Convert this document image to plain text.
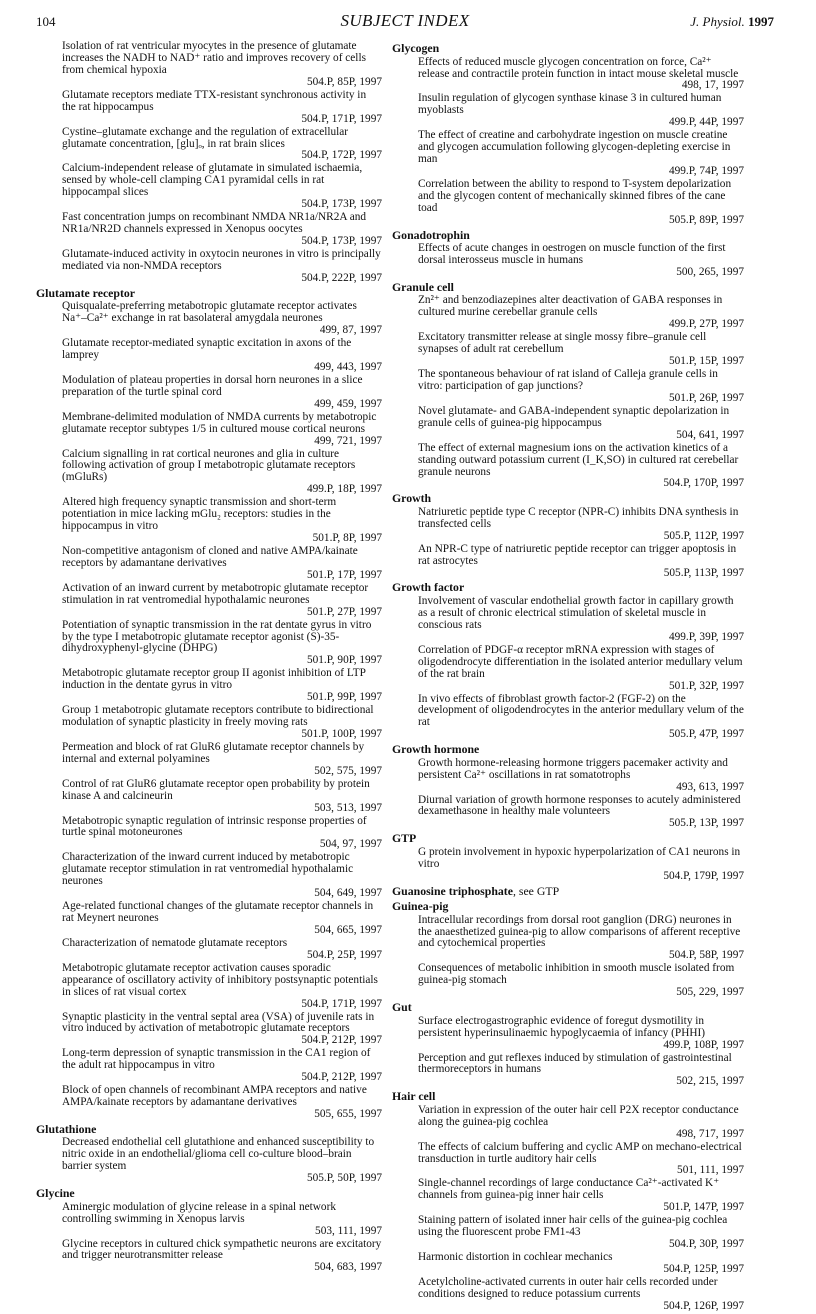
104	SUBJECT INDEX	J. Physiol. 1997
Isolation of rat ventricular myocytes in the presence of glutamate increases the NADH to NAD⁺ ratio and improves recovery of cells from chemical hypoxia
504.P, 85P, 1997
Glutamate receptors mediate TTX-resistant synchronous activity in the rat hippocampus
504.P, 171P, 1997
Cystine–glutamate exchange and the regulation of extracellular glutamate concentration, [glu]ₒ, in rat brain slices
504.P, 172P, 1997
Calcium-independent release of glutamate in simulated ischaemia, sensed by whole-cell clamping CA1 pyramidal cells in rat hippocampal slices
504.P, 173P, 1997
Fast concentration jumps on recombinant NMDA NR1a/NR2A and NR1a/NR2D channels expressed in Xenopus oocytes
504.P, 173P, 1997
Glutamate-induced activity in oxytocin neurones in vitro is principally mediated via non-NMDA receptors
504.P, 222P, 1997
Glutamate receptor
Quisqualate-preferring metabotropic glutamate receptor activates Na⁺–Ca²⁺ exchange in rat basolateral amygdala neurones
499, 87, 1997
Glutamate receptor-mediated synaptic excitation in axons of the lamprey
499, 443, 1997
Modulation of plateau properties in dorsal horn neurones in a slice preparation of the turtle spinal cord
499, 459, 1997
Membrane-delimited modulation of NMDA currents by metabotropic glutamate receptor subtypes 1/5 in cultured mouse cortical neurons
499, 721, 1997
Calcium signalling in rat cortical neurones and glia in culture following activation of group I metabotropic glutamate receptors (mGluRs)
499.P, 18P, 1997
Altered high frequency synaptic transmission and short-term potentiation in mice lacking mGlu₂ receptors: studies in the hippocampus in vitro
501.P, 8P, 1997
Non-competitive antagonism of cloned and native AMPA/kainate receptors by adamantane derivatives
501.P, 17P, 1997
Activation of an inward current by metabotropic glutamate receptor stimulation in rat ventromedial hypothalamic neurones
501.P, 27P, 1997
Potentiation of synaptic transmission in the rat dentate gyrus in vitro by the type I metabotropic glutamate receptor agonist (S)-35-dihydroxyphenyl-glycine (DHPG)
501.P, 90P, 1997
Metabotropic glutamate receptor group II agonist inhibition of LTP induction in the dentate gyrus in vitro
501.P, 99P, 1997
Group 1 metabotropic glutamate receptors contribute to bidirectional modulation of synaptic plasticity in freely moving rats
501.P, 100P, 1997
Permeation and block of rat GluR6 glutamate receptor channels by internal and external polyamines
502, 575, 1997
Control of rat GluR6 glutamate receptor open probability by protein kinase A and calcineurin
503, 513, 1997
Metabotropic synaptic regulation of intrinsic response properties of turtle spinal motoneurones
504, 97, 1997
Characterization of the inward current induced by metabotropic glutamate receptor stimulation in rat ventromedial hypothalamic neurones
504, 649, 1997
Age-related functional changes of the glutamate receptor channels in rat Meynert neurones
504, 665, 1997
Characterization of nematode glutamate receptors
504.P, 25P, 1997
Metabotropic glutamate receptor activation causes sporadic appearance of oscillatory activity of inhibitory postsynaptic potentials in slices of rat visual cortex
504.P, 171P, 1997
Synaptic plasticity in the ventral septal area (VSA) of juvenile rats in vitro induced by activation of metabotropic glutamate receptors
504.P, 212P, 1997
Long-term depression of synaptic transmission in the CA1 region of the adult rat hippocampus in vitro
504.P, 212P, 1997
Block of open channels of recombinant AMPA receptors and native AMPA/kainate receptors by adamantane derivatives
505, 655, 1997
Glutathione
Decreased endothelial cell glutathione and enhanced susceptibility to nitric oxide in an endothelial/glioma cell co-culture blood–brain barrier system
505.P, 50P, 1997
Glycine
Aminergic modulation of glycine release in a spinal network controlling swimming in Xenopus larvis
503, 111, 1997
Glycine receptors in cultured chick sympathetic neurons are excitatory and trigger neurotransmitter release
504, 683, 1997
Glycogen
Effects of reduced muscle glycogen concentration on force, Ca²⁺ release and contractile protein function in intact mouse skeletal muscle
498, 17, 1997
Insulin regulation of glycogen synthase kinase 3 in cultured human myoblasts
499.P, 44P, 1997
The effect of creatine and carbohydrate ingestion on muscle creatine and glycogen accumulation following glycogen-depleting exercise in man
499.P, 74P, 1997
Correlation between the ability to respond to T-system depolarization and the glycogen content of mechanically skinned fibres of the cane toad
505.P, 89P, 1997
Gonadotrophin
Effects of acute changes in oestrogen on muscle function of the first dorsal interosseus muscle in humans
500, 265, 1997
Granule cell
Zn²⁺ and benzodiazepines alter deactivation of GABA responses in cultured murine cerebellar granule cells
499.P, 27P, 1997
Excitatory transmitter release at single mossy fibre–granule cell synapses of adult rat cerebellum
501.P, 15P, 1997
The spontaneous behaviour of rat island of Calleja granule cells in vitro: participation of gap junctions?
501.P, 26P, 1997
Novel glutamate- and GABA-independent synaptic depolarization in granule cells of guinea-pig hippocampus
504, 641, 1997
The effect of external magnesium ions on the activation kinetics of a standing outward potassium current (I_K,SO) in cultured rat cerebellar granule neurons
504.P, 170P, 1997
Growth
Natriuretic peptide type C receptor (NPR-C) inhibits DNA synthesis in transfected cells
505.P, 112P, 1997
An NPR-C type of natriuretic peptide receptor can trigger apoptosis in rat astrocytes
505.P, 113P, 1997
Growth factor
Involvement of vascular endothelial growth factor in capillary growth as a result of chronic electrical stimulation of skeletal muscle in conscious rats
499.P, 39P, 1997
Correlation of PDGF-α receptor mRNA expression with stages of oligodendrocyte differentiation in the isolated anterior medullary velum of the rat brain
501.P, 32P, 1997
In vivo effects of fibroblast growth factor-2 (FGF-2) on the development of oligodendrocytes in the anterior medullary velum of the rat
505.P, 47P, 1997
Growth hormone
Growth hormone-releasing hormone triggers pacemaker activity and persistent Ca²⁺ oscillations in rat somatotrophs
493, 613, 1997
Diurnal variation of growth hormone responses to acutely administered dexamethasone in healthy male volunteers
505.P, 13P, 1997
GTP
G protein involvement in hypoxic hyperpolarization of CA1 neurons in vitro
504.P, 179P, 1997
Guanosine triphosphate, see GTP
Guinea-pig
Intracellular recordings from dorsal root ganglion (DRG) neurones in the anaesthetized guinea-pig to allow comparisons of afferent receptive and cytochemical properties
504.P, 58P, 1997
Consequences of metabolic inhibition in smooth muscle isolated from guinea-pig stomach
505, 229, 1997
Gut
Surface electrogastrographic evidence of foregut dysmotility in persistent hyperinsulinaemic hypoglycaemia of infancy (PHHI)
499.P, 108P, 1997
Perception and gut reflexes induced by stimulation of gastrointestinal thermoreceptors in humans
502, 215, 1997
Hair cell
Variation in expression of the outer hair cell P2X receptor conductance along the guinea-pig cochlea
498, 717, 1997
The effects of calcium buffering and cyclic AMP on mechano-electrical transduction in turtle auditory hair cells
501, 111, 1997
Single-channel recordings of large conductance Ca²⁺-activated K⁺ channels from guinea-pig inner hair cells
501.P, 147P, 1997
Staining pattern of isolated inner hair cells of the guinea-pig cochlea using the fluorescent probe FM1-43
504.P, 30P, 1997
Harmonic distortion in cochlear mechanics
504.P, 125P, 1997
Acetylcholine-activated currents in outer hair cells recorded under conditions designed to reduce potassium currents
504.P, 126P, 1997
